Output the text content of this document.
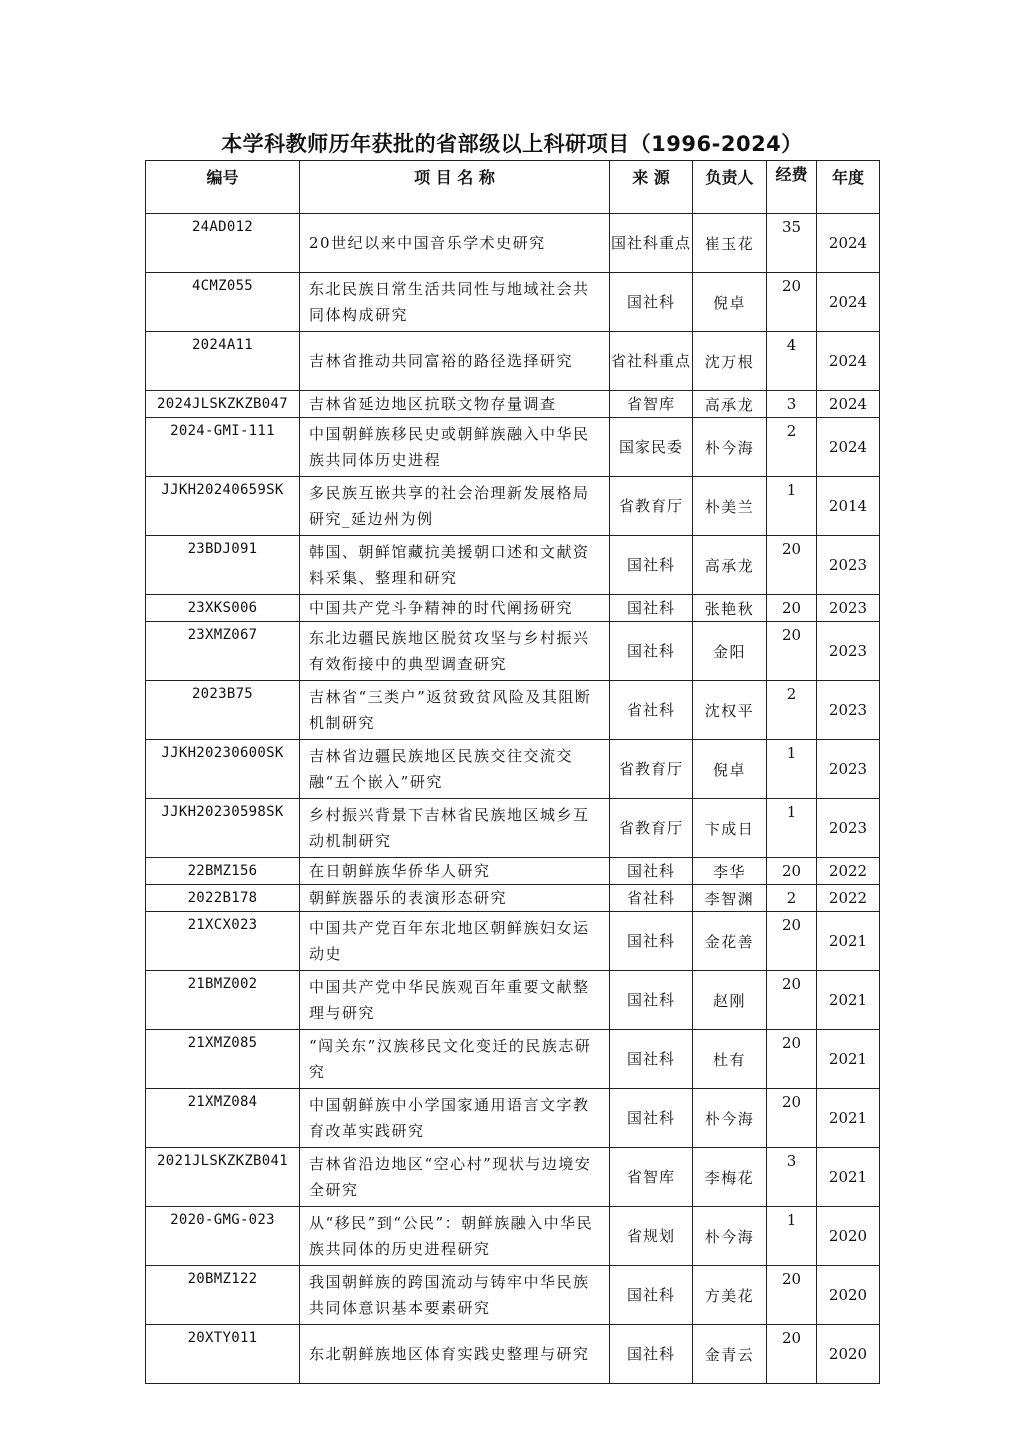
本学科教师历年获批的省部级以上科研项目（1996-2024）
编号	项 目 名 称	来 源	负责人	经费	年度
24AD012	20世纪以来中国音乐学术史研究	国社科重点	崔玉花	35	2024
4CMZ055	东北民族日常生活共同性与地域社会共同体构成研究	国社科	倪卓	20	2024
2024A11	吉林省推动共同富裕的路径选择研究	省社科重点	沈万根	4	2024
2024JLSKZKZB047	吉林省延边地区抗联文物存量调查	省智库	高承龙	3	2024
2024-GMI-111	中国朝鲜族移民史或朝鲜族融入中华民族共同体历史进程	国家民委	朴今海	2	2024
JJKH20240659SK	多民族互嵌共享的社会治理新发展格局研究_延边州为例	省教育厅	朴美兰	1	2014
23BDJ091	韩国、朝鲜馆藏抗美援朝口述和文献资料采集、整理和研究	国社科	高承龙	20	2023
23XKS006	中国共产党斗争精神的时代阐扬研究	国社科	张艳秋	20	2023
23XMZ067	东北边疆民族地区脱贫攻坚与乡村振兴有效衔接中的典型调查研究	国社科	金阳	20	2023
2023B75	吉林省“三类户”返贫致贫风险及其阻断机制研究	省社科	沈权平	2	2023
JJKH20230600SK	吉林省边疆民族地区民族交往交流交融“五个嵌入”研究	省教育厅	倪卓	1	2023
JJKH20230598SK	乡村振兴背景下吉林省民族地区城乡互动机制研究	省教育厅	卞成日	1	2023
22BMZ156	在日朝鲜族华侨华人研究	国社科	李华	20	2022
2022B178	朝鲜族器乐的表演形态研究	省社科	李智渊	2	2022
21XCX023	中国共产党百年东北地区朝鲜族妇女运动史	国社科	金花善	20	2021
21BMZ002	中国共产党中华民族观百年重要文献整理与研究	国社科	赵刚	20	2021
21XMZ085	“闯关东”汉族移民文化变迁的民族志研究	国社科	杜有	20	2021
21XMZ084	中国朝鲜族中小学国家通用语言文字教育改革实践研究	国社科	朴今海	20	2021
2021JLSKZKZB041	吉林省沿边地区“空心村”现状与边境安全研究	省智库	李梅花	3	2021
2020-GMG-023	从“移民”到“公民”：朝鲜族融入中华民族共同体的历史进程研究	省规划	朴今海	1	2020
20BMZ122	我国朝鲜族的跨国流动与铸牢中华民族共同体意识基本要素研究	国社科	方美花	20	2020
20XTY011	东北朝鲜族地区体育实践史整理与研究	国社科	金青云	20	2020
